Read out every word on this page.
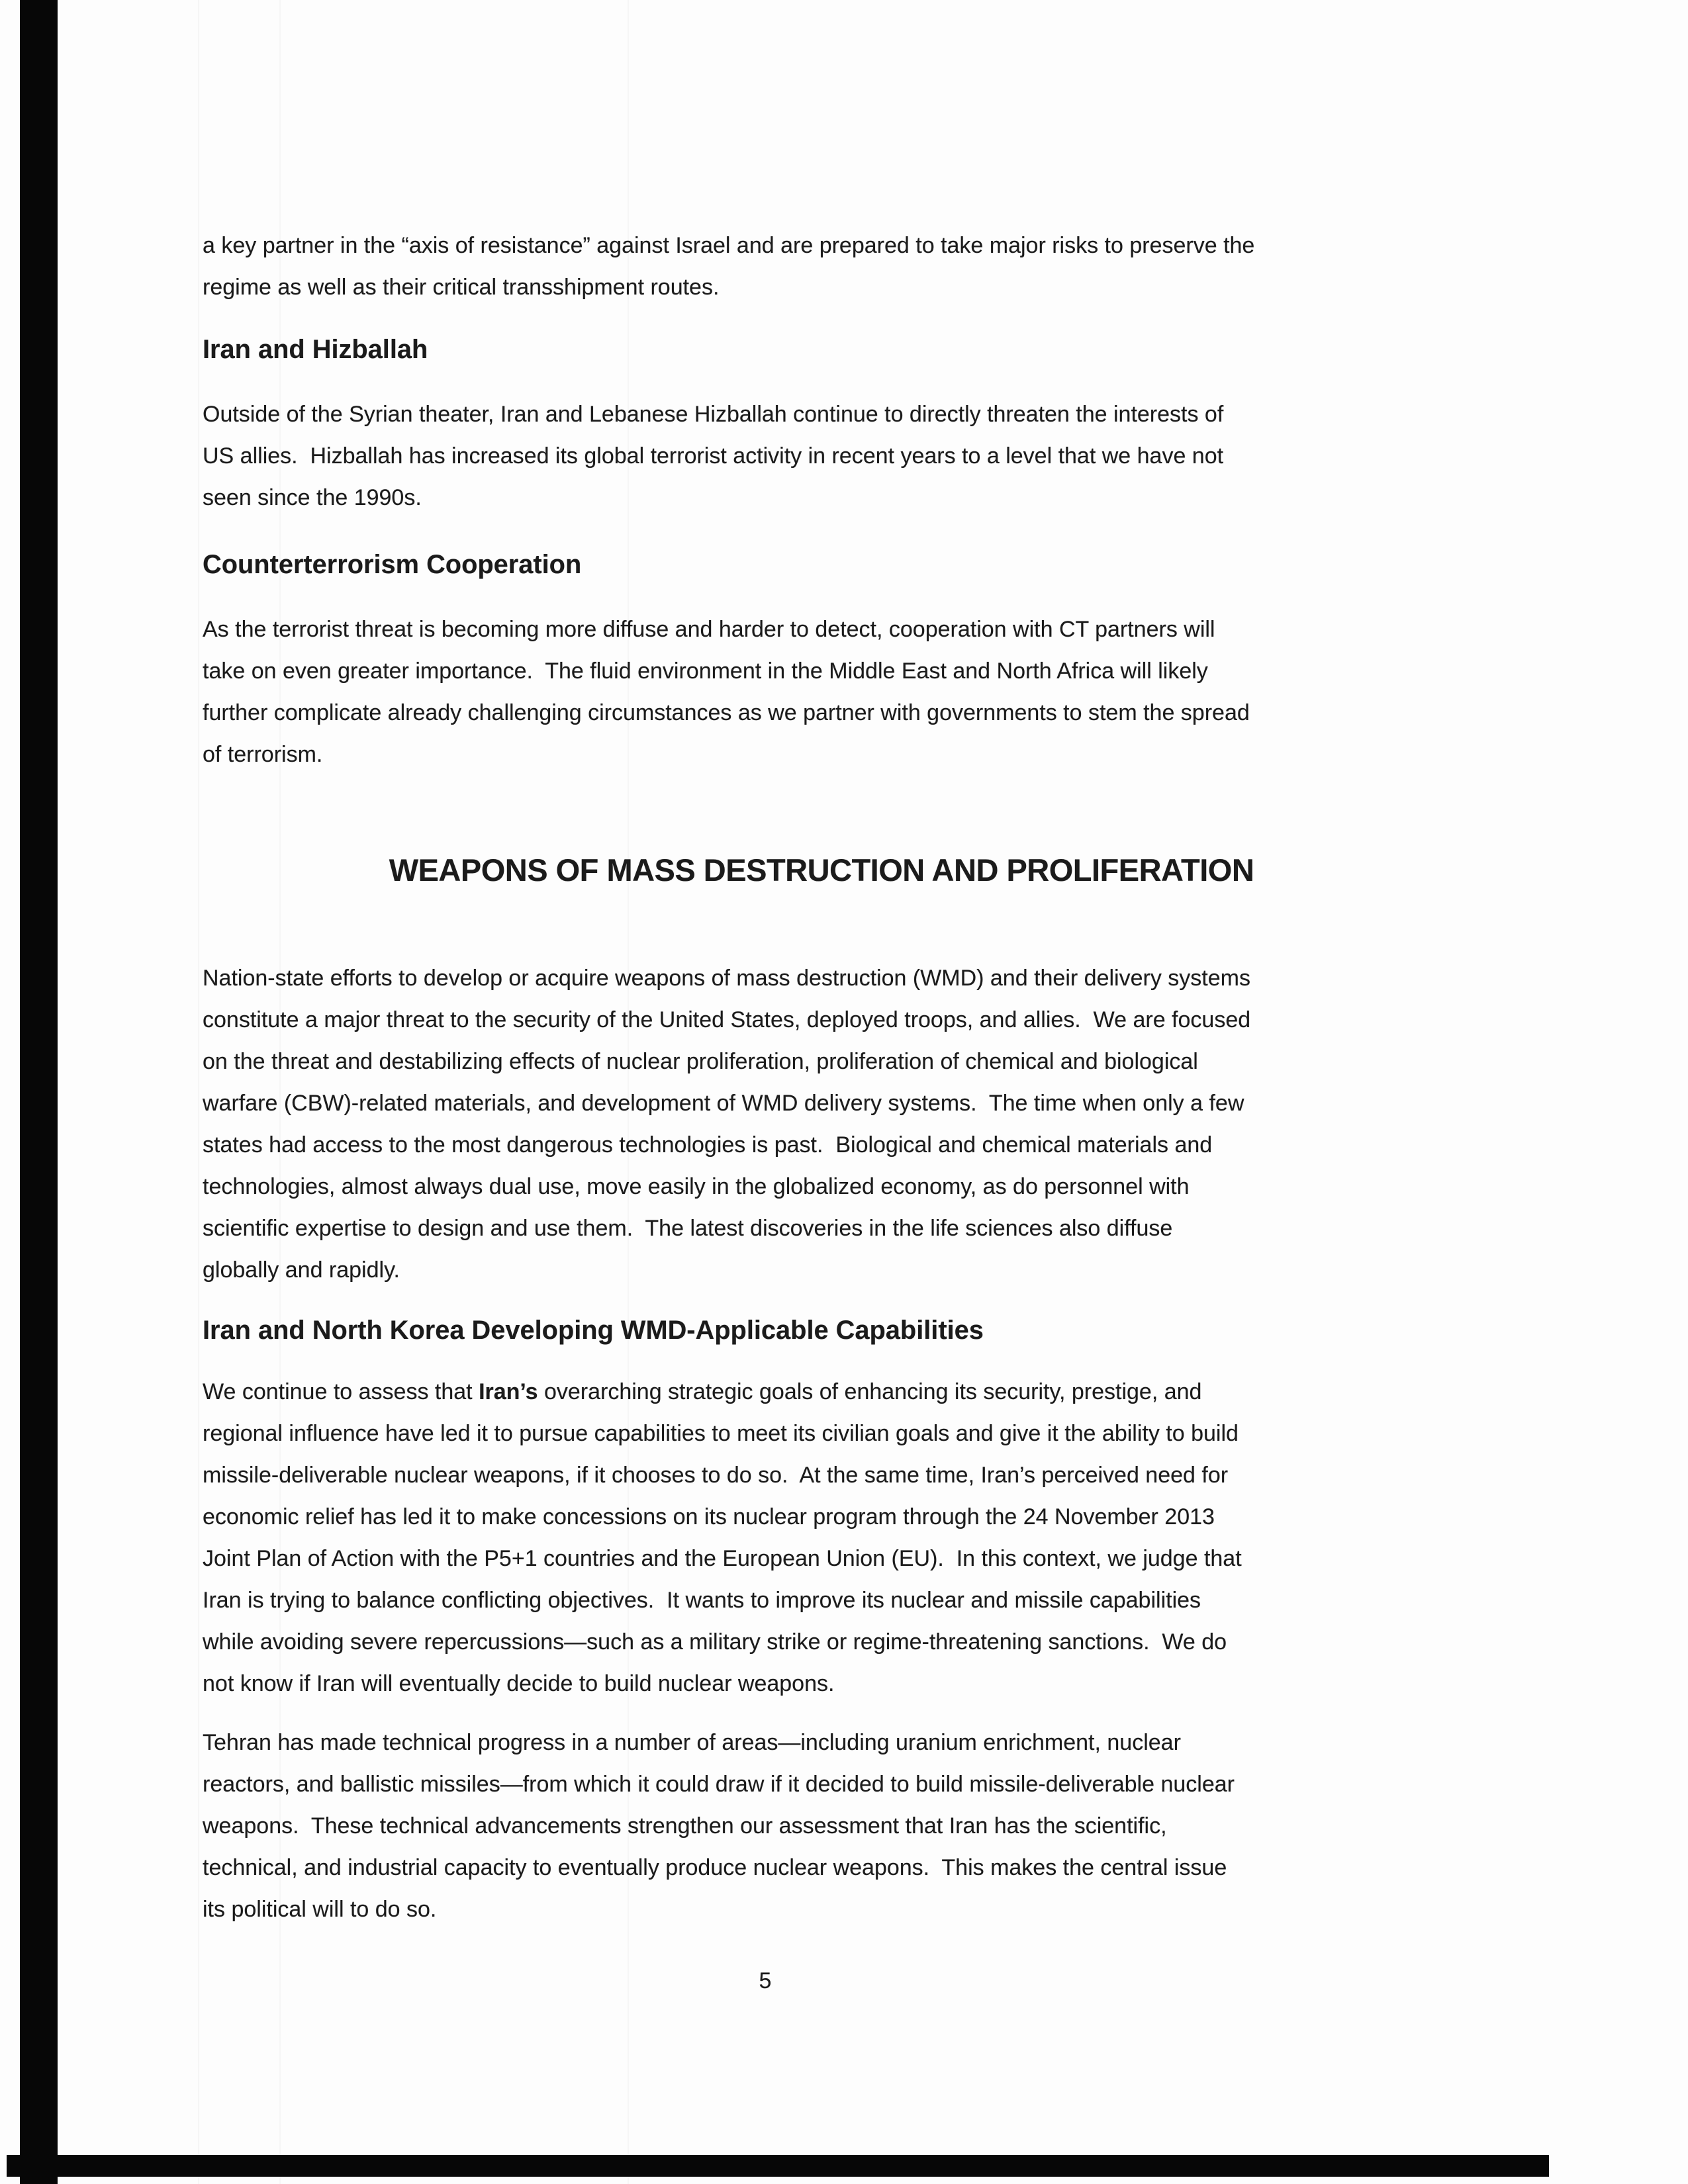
a key partner in the “axis of resistance” against Israel and are prepared to take major risks to preserve the
regime as well as their critical transshipment routes.
Iran and Hizballah
Outside of the Syrian theater, Iran and Lebanese Hizballah continue to directly threaten the interests of
US allies.  Hizballah has increased its global terrorist activity in recent years to a level that we have not
seen since the 1990s.
Counterterrorism Cooperation
As the terrorist threat is becoming more diffuse and harder to detect, cooperation with CT partners will
take on even greater importance.  The fluid environment in the Middle East and North Africa will likely
further complicate already challenging circumstances as we partner with governments to stem the spread
of terrorism.
WEAPONS OF MASS DESTRUCTION AND PROLIFERATION
Nation-state efforts to develop or acquire weapons of mass destruction (WMD) and their delivery systems
constitute a major threat to the security of the United States, deployed troops, and allies.  We are focused
on the threat and destabilizing effects of nuclear proliferation, proliferation of chemical and biological
warfare (CBW)-related materials, and development of WMD delivery systems.  The time when only a few
states had access to the most dangerous technologies is past.  Biological and chemical materials and
technologies, almost always dual use, move easily in the globalized economy, as do personnel with
scientific expertise to design and use them.  The latest discoveries in the life sciences also diffuse
globally and rapidly.
Iran and North Korea Developing WMD-Applicable Capabilities
We continue to assess that Iran’s overarching strategic goals of enhancing its security, prestige, and
regional influence have led it to pursue capabilities to meet its civilian goals and give it the ability to build
missile-deliverable nuclear weapons, if it chooses to do so.  At the same time, Iran’s perceived need for
economic relief has led it to make concessions on its nuclear program through the 24 November 2013
Joint Plan of Action with the P5+1 countries and the European Union (EU).  In this context, we judge that
Iran is trying to balance conflicting objectives.  It wants to improve its nuclear and missile capabilities
while avoiding severe repercussions—such as a military strike or regime-threatening sanctions.  We do
not know if Iran will eventually decide to build nuclear weapons.
Tehran has made technical progress in a number of areas—including uranium enrichment, nuclear
reactors, and ballistic missiles—from which it could draw if it decided to build missile-deliverable nuclear
weapons.  These technical advancements strengthen our assessment that Iran has the scientific,
technical, and industrial capacity to eventually produce nuclear weapons.  This makes the central issue
its political will to do so.
5
